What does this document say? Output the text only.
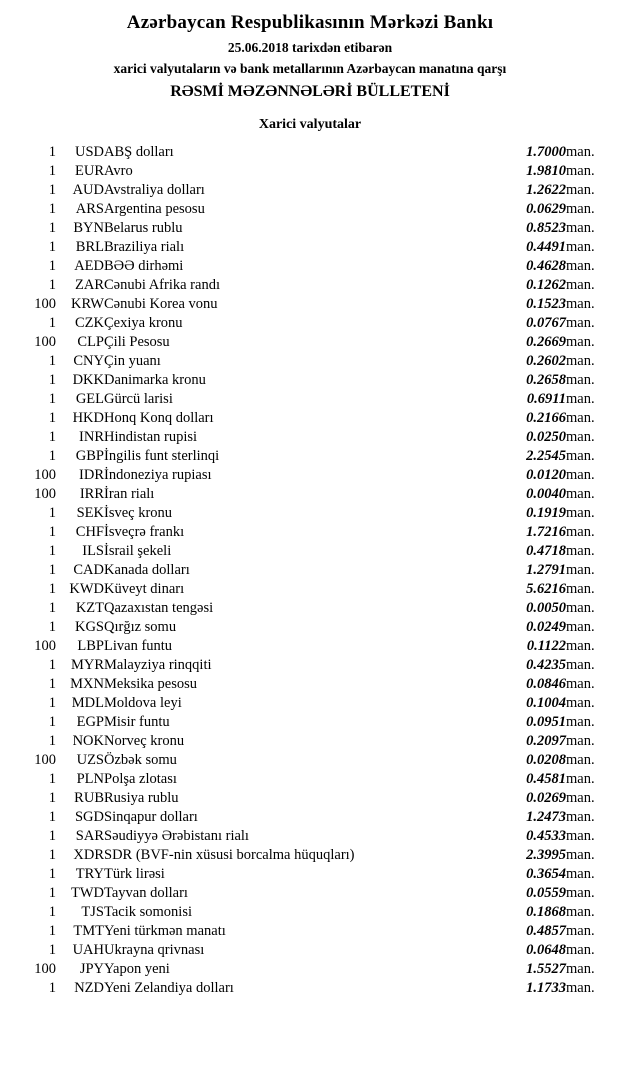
Azərbaycan Respublikasının Mərkəzi Bankı
25.06.2018 tarixdən etibarən
xarici valyutaların və bank metallarının Azərbaycan manatına qarşı
RƏSMİ MƏZƏNNƏLƏRİ BÜLLETENİ
Xarici valyutalar
1	USD	ABŞ dolları	1.7000	man.
1	EUR	Avro	1.9810	man.
1	AUD	Avstraliya dolları	1.2622	man.
1	ARS	Argentina pesosu	0.0629	man.
1	BYN	Belarus rublu	0.8523	man.
1	BRL	Braziliya rialı	0.4491	man.
1	AED	BƏƏ dirhəmi	0.4628	man.
1	ZAR	Cənubi Afrika randı	0.1262	man.
100	KRW	Cənubi Korea vonu	0.1523	man.
1	CZK	Çexiya kronu	0.0767	man.
100	CLP	Çili Pesosu	0.2669	man.
1	CNY	Çin yuanı	0.2602	man.
1	DKK	Danimarka kronu	0.2658	man.
1	GEL	Gürcü larisi	0.6911	man.
1	HKD	Honq Konq dolları	0.2166	man.
1	INR	Hindistan rupisi	0.0250	man.
1	GBP	İngilis funt sterlinqi	2.2545	man.
100	IDR	İndoneziya rupiası	0.0120	man.
100	IRR	İran rialı	0.0040	man.
1	SEK	İsveç kronu	0.1919	man.
1	CHF	İsveçrə frankı	1.7216	man.
1	ILS	İsrail şekeli	0.4718	man.
1	CAD	Kanada dolları	1.2791	man.
1	KWD	Küveyt dinarı	5.6216	man.
1	KZT	Qazaxıstan tengəsi	0.0050	man.
1	KGS	Qırğız somu	0.0249	man.
100	LBP	Livan funtu	0.1122	man.
1	MYR	Malayziya rinqqiti	0.4235	man.
1	MXN	Meksika pesosu	0.0846	man.
1	MDL	Moldova leyi	0.1004	man.
1	EGP	Misir funtu	0.0951	man.
1	NOK	Norveç kronu	0.2097	man.
100	UZS	Özbək somu	0.0208	man.
1	PLN	Polşa zlotası	0.4581	man.
1	RUB	Rusiya rublu	0.0269	man.
1	SGD	Sinqapur dolları	1.2473	man.
1	SAR	Səudiyyə Ərəbistanı rialı	0.4533	man.
1	XDR	SDR (BVF-nin xüsusi borcalma hüquqları)	2.3995	man.
1	TRY	Türk lirəsi	0.3654	man.
1	TWD	Tayvan dolları	0.0559	man.
1	TJS	Tacik somonisi	0.1868	man.
1	TMT	Yeni türkmən manatı	0.4857	man.
1	UAH	Ukrayna qrivnası	0.0648	man.
100	JPY	Yapon yeni	1.5527	man.
1	NZD	Yeni Zelandiya dolları	1.1733	man.
